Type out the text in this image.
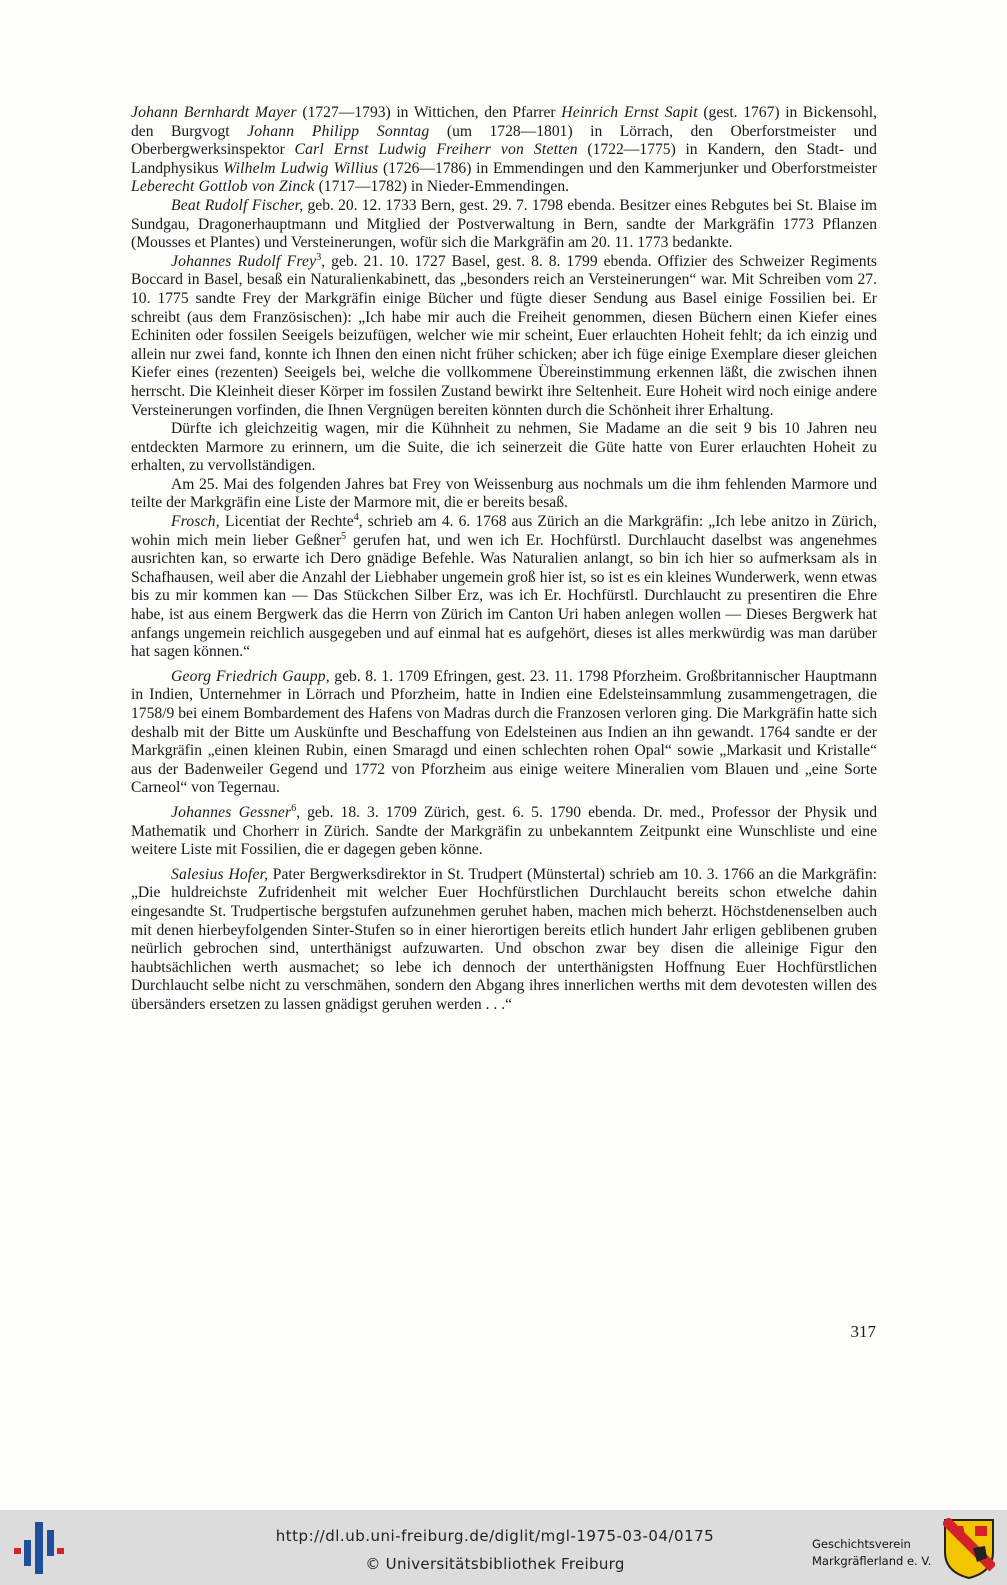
Johann Bernhardt Mayer (1727—1793) in Wittichen, den Pfarrer Heinrich Ernst Sapit (gest. 1767) in Bickensohl, den Burgvogt Johann Philipp Sonntag (um 1728—1801) in Lörrach, den Oberforstmeister und Oberbergwerksinspektor Carl Ernst Ludwig Freiherr von Stetten (1722—1775) in Kandern, den Stadt- und Landphysikus Wilhelm Ludwig Willius (1726—1786) in Emmendingen und den Kammerjunker und Oberforstmeister Leberecht Gottlob von Zinck (1717—1782) in Nieder-Emmendingen.

Beat Rudolf Fischer, geb. 20. 12. 1733 Bern, gest. 29. 7. 1798 ebenda. Besitzer eines Rebgutes bei St. Blaise im Sundgau, Dragonerhauptmann und Mitglied der Postverwaltung in Bern, sandte der Markgräfin 1773 Pflanzen (Mousses et Plantes) und Versteinerungen, wofür sich die Markgräfin am 20. 11. 1773 bedankte.

Johannes Rudolf Frey$^3$, geb. 21. 10. 1727 Basel, gest. 8. 8. 1799 ebenda. Offizier des Schweizer Regiments Boccard in Basel, besaß ein Naturalienkabinett, das „besonders reich an Versteinerungen“ war. Mit Schreiben vom 27. 10. 1775 sandte Frey der Markgräfin einige Bücher und fügte dieser Sendung aus Basel einige Fossilien bei. Er schreibt (aus dem Französischen): „Ich habe mir auch die Freiheit genommen, diesen Büchern einen Kiefer eines Echiniten oder fossilen Seeigels beizufügen, welcher wie mir scheint, Euer erlauchten Hoheit fehlt; da ich einzig und allein nur zwei fand, konnte ich Ihnen den einen nicht früher schicken; aber ich füge einige Exemplare dieser gleichen Kiefer eines (rezenten) Seeigels bei, welche die vollkommene Übereinstimmung erkennen läßt, die zwischen ihnen herrscht. Die Kleinheit dieser Körper im fossilen Zustand bewirkt ihre Seltenheit. Eure Hoheit wird noch einige andere Versteinerungen vorfinden, die Ihnen Vergnügen bereiten könnten durch die Schönheit ihrer Erhaltung.

Dürfte ich gleichzeitig wagen, mir die Kühnheit zu nehmen, Sie Madame an die seit 9 bis 10 Jahren neu entdeckten Marmore zu erinnern, um die Suite, die ich seinerzeit die Güte hatte von Eurer erlauchten Hoheit zu erhalten, zu vervollständigen.

Am 25. Mai des folgenden Jahres bat Frey von Weissenburg aus nochmals um die ihm fehlenden Marmore und teilte der Markgräfin eine Liste der Marmore mit, die er bereits besaß.

Frosch, Licentiat der Rechte$^4$, schrieb am 4. 6. 1768 aus Zürich an die Markgräfin: „Ich lebe anitzo in Zürich, wohin mich mein lieber Geßner$^5$ gerufen hat, und wen ich Er. Hochfürstl. Durchlaucht daselbst was angenehmes ausrichten kan, so erwarte ich Dero gnädige Befehle. Was Naturalien anlangt, so bin ich hier so aufmerksam als in Schafhausen, weil aber die Anzahl der Liebhaber ungemein groß hier ist, so ist es ein kleines Wunderwerk, wenn etwas bis zu mir kommen kan — Das Stückchen Silber Erz, was ich Er. Hochfürstl. Durchlaucht zu presentiren die Ehre habe, ist aus einem Bergwerk das die Herrn von Zürich im Canton Uri haben anlegen wollen — Dieses Bergwerk hat anfangs ungemein reichlich ausgegeben und auf einmal hat es aufgehört, dieses ist alles merkwürdig was man darüber hat sagen können.“

Georg Friedrich Gaupp, geb. 8. 1. 1709 Efringen, gest. 23. 11. 1798 Pforzheim. Großbritannischer Hauptmann in Indien, Unternehmer in Lörrach und Pforzheim, hatte in Indien eine Edelsteinsammlung zusammengetragen, die 1758/9 bei einem Bombardement des Hafens von Madras durch die Franzosen verloren ging. Die Markgräfin hatte sich deshalb mit der Bitte um Auskünfte und Beschaffung von Edelsteinen aus Indien an ihn gewandt. 1764 sandte er der Markgräfin „einen kleinen Rubin, einen Smaragd und einen schlechten rohen Opal“ sowie „Markasit und Kristalle“ aus der Badenweiler Gegend und 1772 von Pforzheim aus einige weitere Mineralien vom Blauen und „eine Sorte Carneol“ von Tegernau.

Johannes Gessner$^6$, geb. 18. 3. 1709 Zürich, gest. 6. 5. 1790 ebenda. Dr. med., Professor der Physik und Mathematik und Chorherr in Zürich. Sandte der Markgräfin zu unbekanntem Zeitpunkt eine Wunschliste und eine weitere Liste mit Fossilien, die er dagegen geben könne.

Salesius Hofer, Pater Bergwerksdirektor in St. Trudpert (Münstertal) schrieb am 10. 3. 1766 an die Markgräfin: „Die huldreichste Zufridenheit mit welcher Euer Hochfürstlichen Durchlaucht bereits schon etwelche dahin eingesandte St. Trudpertische bergstufen aufzunehmen geruhet haben, machen mich beherzt. Höchstdenenselben auch mit denen hierbeyfolgenden Sinter-Stufen so in einer hierortigen bereits etlich hundert Jahr erligen geblibenen gruben neürlich gebrochen sind, unterthänigst aufzuwarten. Und obschon zwar bey disen die alleinige Figur den haubtsächlichen werth ausmachet; so lebe ich dennoch der unterthänigsten Hoffnung Euer Hochfürstlichen Durchlaucht selbe nicht zu verschmähen, sondern den Abgang ihres innerlichen werths mit dem devotesten willen des übersänders ersetzen zu lassen gnädigst geruhen werden . . .“

317
http://dl.ub.uni-freiburg.de/diglit/mgl-1975-03-04/0175
© Universitätsbibliothek Freiburg
Geschichtsverein
Markgräflerland e. V.
